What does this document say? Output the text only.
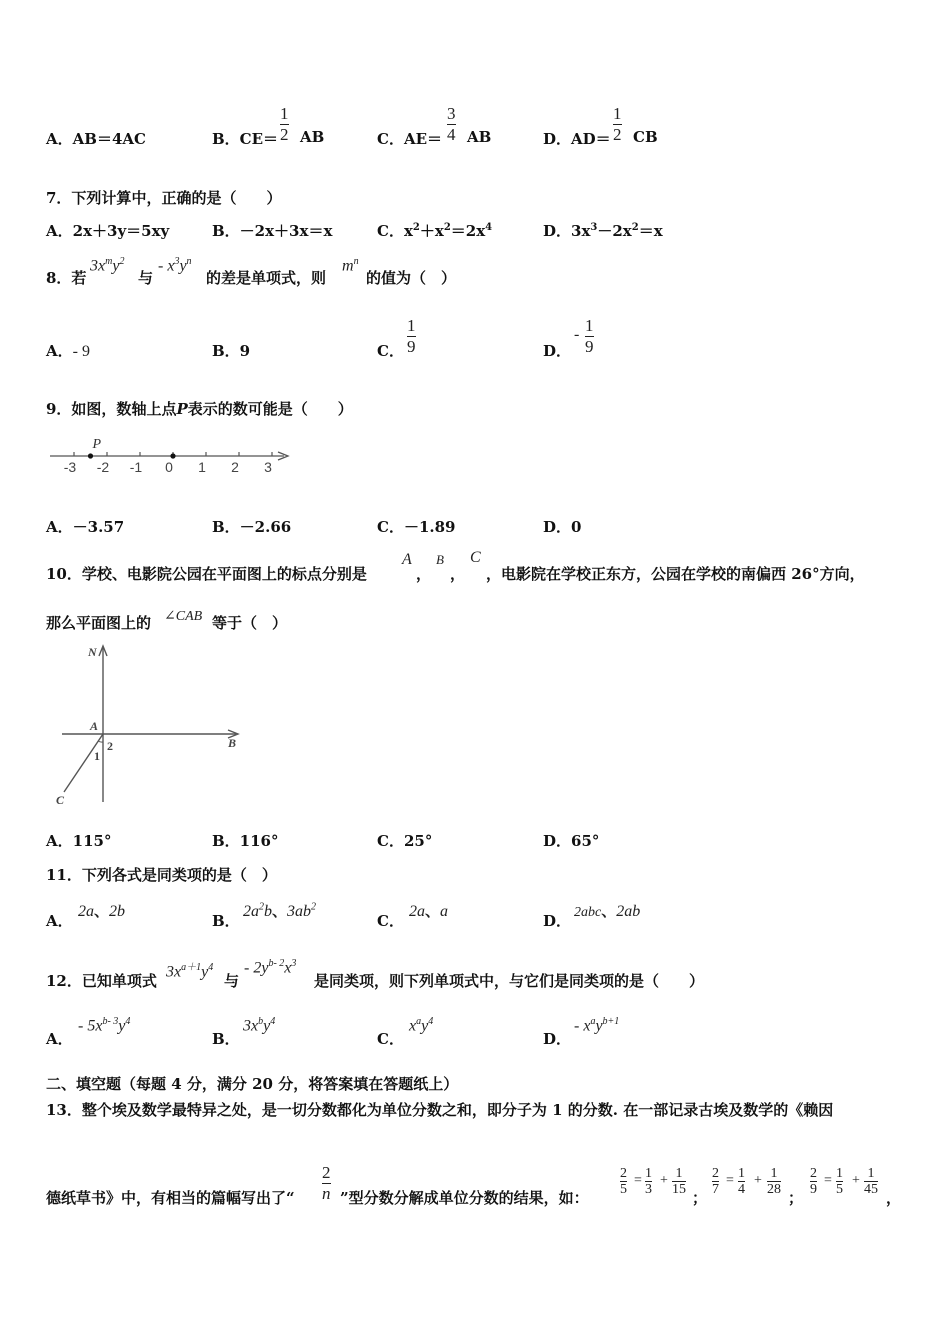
A．AB＝4AC	B．$CE= \frac{1}{2}$ AB	C．$AE= \frac{3}{4}$ AB	D．$AD= \frac{1}{2}$ CB
7．下列计算中，正确的是（　　）
A．2x＋3y＝5xy	B．－2x＋3x＝x	C．$x^2+x^2=2x^4$	D．$3x^3-2x^2=x$
8．若
$3x^my^2$
与
- $x^3y^n$
的差是单项式，则
$m^n$
的值为（　）
A．- 9	B．9	C． $\frac{1}{9}$	D．
- $\frac{1}{9}$
9．如图，数轴上点P表示的数可能是（　　）
-3 -2 -1 0 1 2 3
P
A．－3.57	B．－2.66	C．－1.89	D．0
10．学校、电影院公园在平面图上的标点分别是
A
，
B
，
C
，电影院在学校正东方，公园在学校的南偏西 26°方向，
那么平面图上的 ∠CAB 等于（　）
N
A
B
C
1
2
A．115°	B．116°	C．25°	D．65°
11．下列各式是同类项的是（　）
A．
2a、2b
B．
$2a^2b$、$3ab^2$
C．
2a、a
D． 2abc、2ab
12．已知单项式
$3x^{a+1}y^4$
与
- $2y^{b- 2}x^3$
是同类项，则下列单项式中，与它们是同类项的是（　　）
A．
- $5x^{b- 3}y^4$
B．
$3x^by^4$
C．
$x^ay^4$
D．
- $x^ay^{b+1}$
二、填空题（每题 4 分，满分 20 分，将答案填在答题纸上）
13．整个埃及数学最特异之处，是一切分数都化为单位分数之和，即分子为 1 的分数. 在一部记录古埃及数学的《赖因
德纸草书》中，有相当的篇幅写出了“ $\frac{2}{n}$ ”型分数分解成单位分数的结果，如：
2
5
= 1
3
+ 1
15 ；
2
7
= 1
4
+ 1
28 ；
2
9
= 1
5
+ 1
45 ，
